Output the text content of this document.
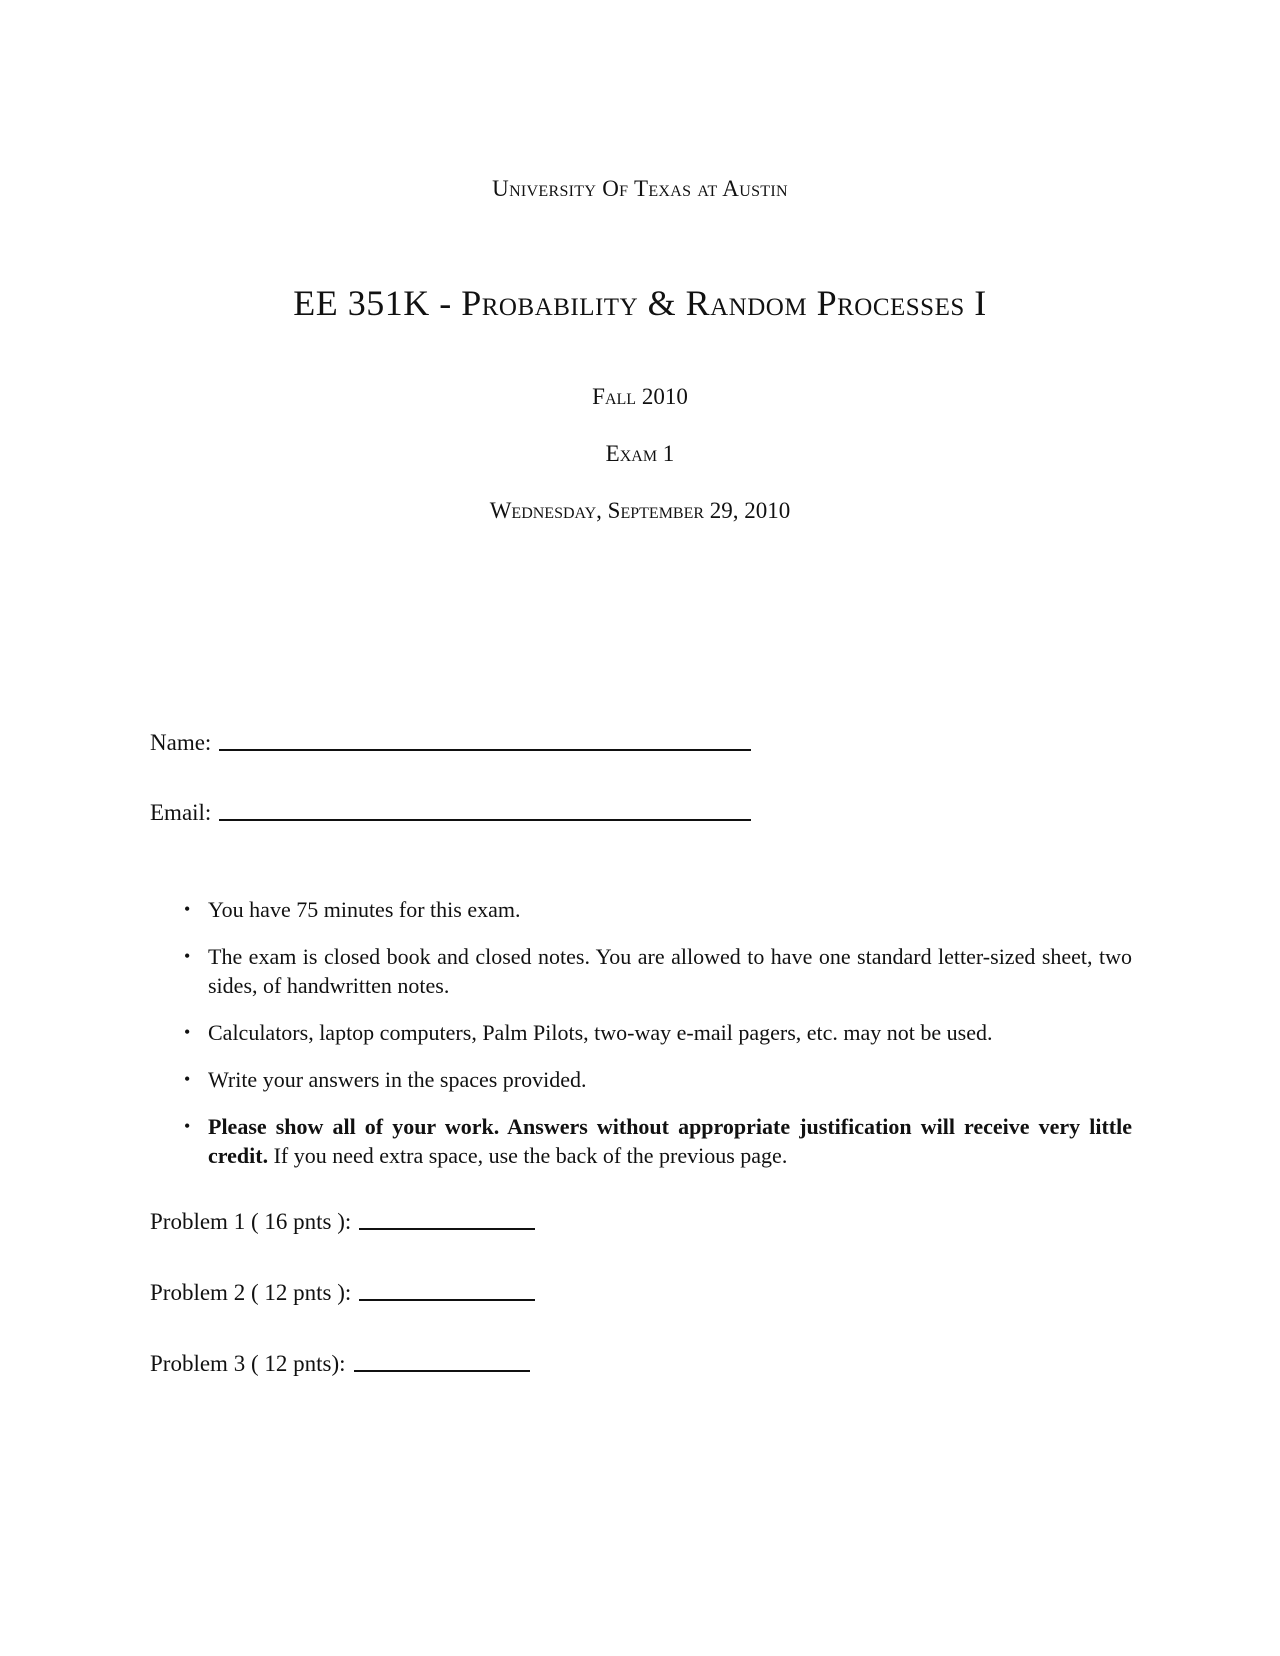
University Of Texas at Austin
EE 351K - Probability & Random Processes I
Fall 2010
Exam 1
Wednesday, September 29, 2010
Name:
Email:
• You have 75 minutes for this exam.
• The exam is closed book and closed notes. You are allowed to have one standard letter-sized sheet, two sides, of handwritten notes.
• Calculators, laptop computers, Palm Pilots, two-way e-mail pagers, etc. may not be used.
• Write your answers in the spaces provided.
• Please show all of your work. Answers without appropriate justification will receive very little credit. If you need extra space, use the back of the previous page.
Problem 1 ( 16 pnts ):
Problem 2 ( 12 pnts ):
Problem 3 ( 12 pnts):
